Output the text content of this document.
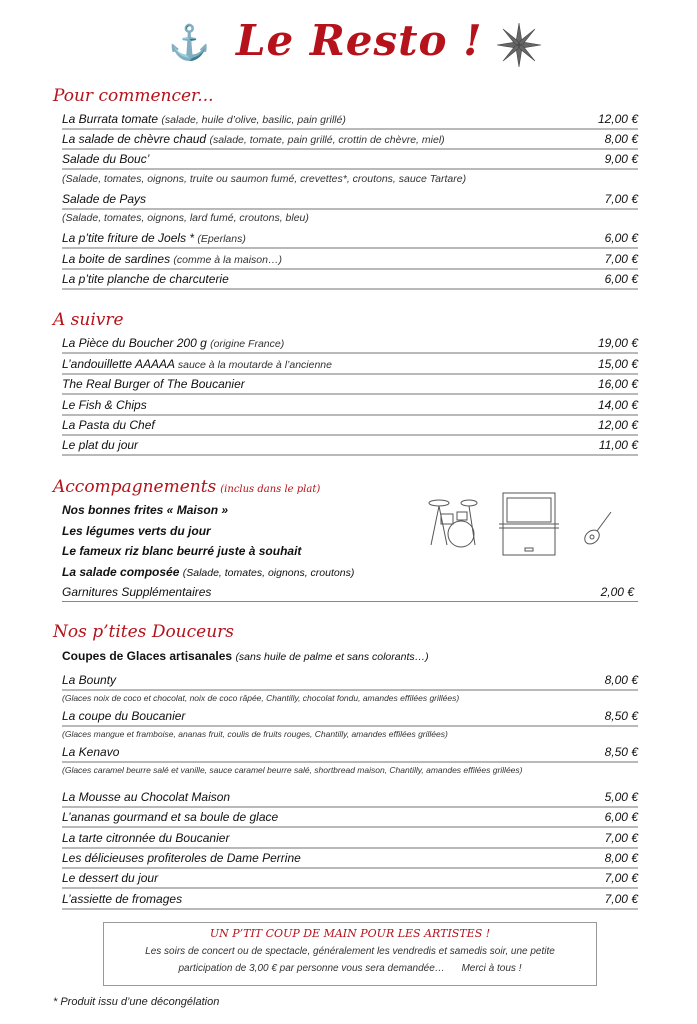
⚓ Le Resto !
Pour commencer...
La Burrata tomate (salade, huile d’olive, basilic, pain grillé)	12,00 €
La salade de chèvre chaud (salade, tomate, pain grillé, crottin de chèvre, miel)	8,00 €
Salade du Bouc’	9,00 €
(Salade, tomates, oignons, truite ou saumon fumé, crevettes*, croutons, sauce Tartare)
Salade de Pays	7,00 €
(Salade, tomates, oignons, lard fumé, croutons, bleu)
La p’tite friture de Joels * (Eperlans)	6,00 €
La boite de sardines (comme à la maison…)	7,00 €
La p’tite planche de charcuterie	6,00 €
A suivre
La Pièce du Boucher 200 g (origine France)	19,00 €
L’andouillette AAAAA sauce à la moutarde à l’ancienne	15,00 €
The Real Burger of The Boucanier	16,00 €
Le Fish & Chips	14,00 €
La Pasta du Chef	12,00 €
Le plat du jour	11,00 €
Accompagnements (inclus dans le plat)
Nos bonnes frites « Maison »
Les légumes verts du jour
Le fameux riz blanc beurré juste à souhait
La salade composée (Salade, tomates, oignons, croutons)
Garnitures Supplémentaires	2,00 €
Nos p’tites Douceurs
Coupes de Glaces artisanales (sans huile de palme et sans colorants…)
La Bounty	8,00 €
(Glaces noix de coco et chocolat, noix de coco râpée, Chantilly, chocolat fondu, amandes effilées grillées)
La coupe du Boucanier	8,50 €
(Glaces mangue et framboise, ananas fruit, coulis de fruits rouges, Chantilly, amandes effilées grillées)
La Kenavo	8,50 €
(Glaces caramel beurre salé et vanille, sauce caramel beurre salé, shortbread maison, Chantilly, amandes effilées grillées)
La Mousse au Chocolat Maison	5,00 €
L’ananas gourmand et sa boule de glace	6,00 €
La tarte citronnée du Boucanier	7,00 €
Les délicieuses profiteroles de Dame Perrine	8,00 €
Le dessert du jour	7,00 €
L’assiette de fromages	7,00 €
UN P’TIT COUP DE MAIN POUR LES ARTISTES !
Les soirs de concert ou de spectacle, généralement les vendredis et samedis soir, une petite
participation de 3,00 € par personne vous sera demandée…      Merci à tous !
* Produit issu d’une décongélation
